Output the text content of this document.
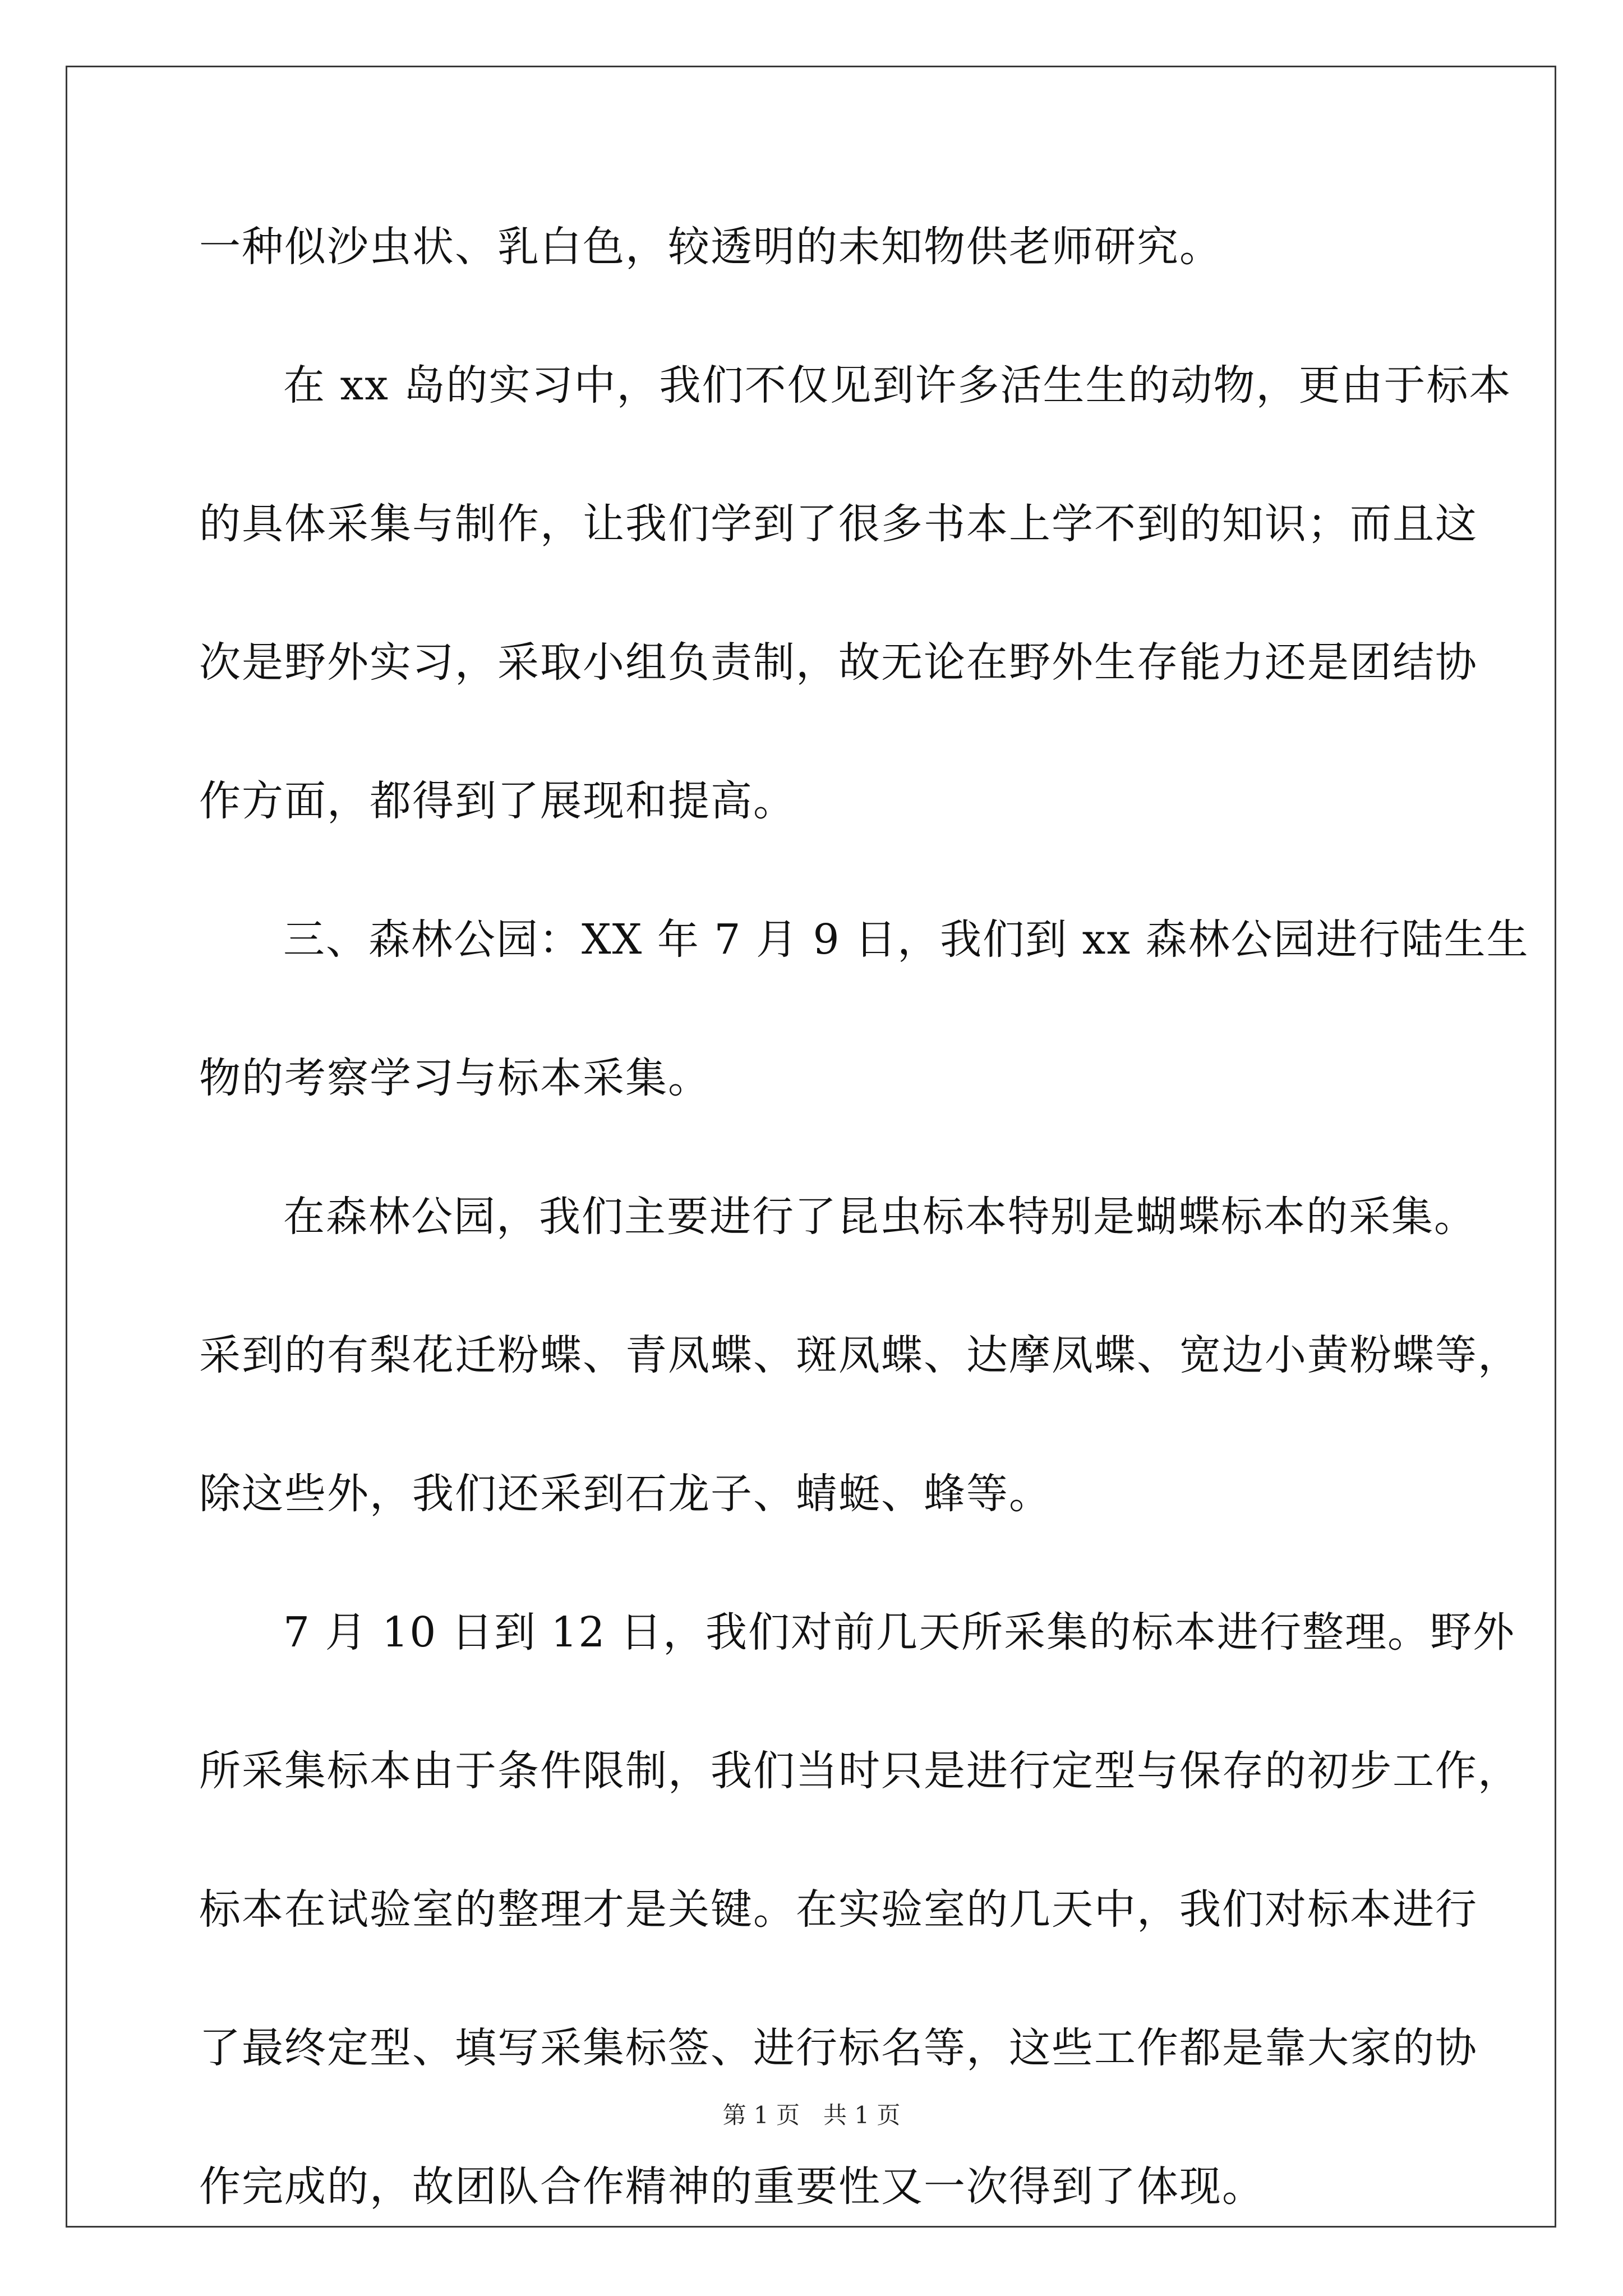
一种似沙虫状、乳白色，较透明的未知物供老师研究。
在 xx 岛的实习中，我们不仅见到许多活生生的动物，更由于标本
的具体采集与制作，让我们学到了很多书本上学不到的知识；而且这
次是野外实习，采取小组负责制，故无论在野外生存能力还是团结协
作方面，都得到了展现和提高。
三、森林公园：XX 年 7 月 9 日，我们到 xx 森林公园进行陆生生
物的考察学习与标本采集。
在森林公园，我们主要进行了昆虫标本特别是蝴蝶标本的采集。
采到的有梨花迁粉蝶、青凤蝶、斑凤蝶、达摩凤蝶、宽边小黄粉蝶等，
除这些外，我们还采到石龙子、蜻蜓、蜂等。
7 月 10 日到 12 日，我们对前几天所采集的标本进行整理。野外
所采集标本由于条件限制，我们当时只是进行定型与保存的初步工作，
标本在试验室的整理才是关键。在实验室的几天中，我们对标本进行
了最终定型、填写采集标签、进行标名等，这些工作都是靠大家的协
作完成的，故团队合作精神的重要性又一次得到了体现。
第 1 页　共 1 页
